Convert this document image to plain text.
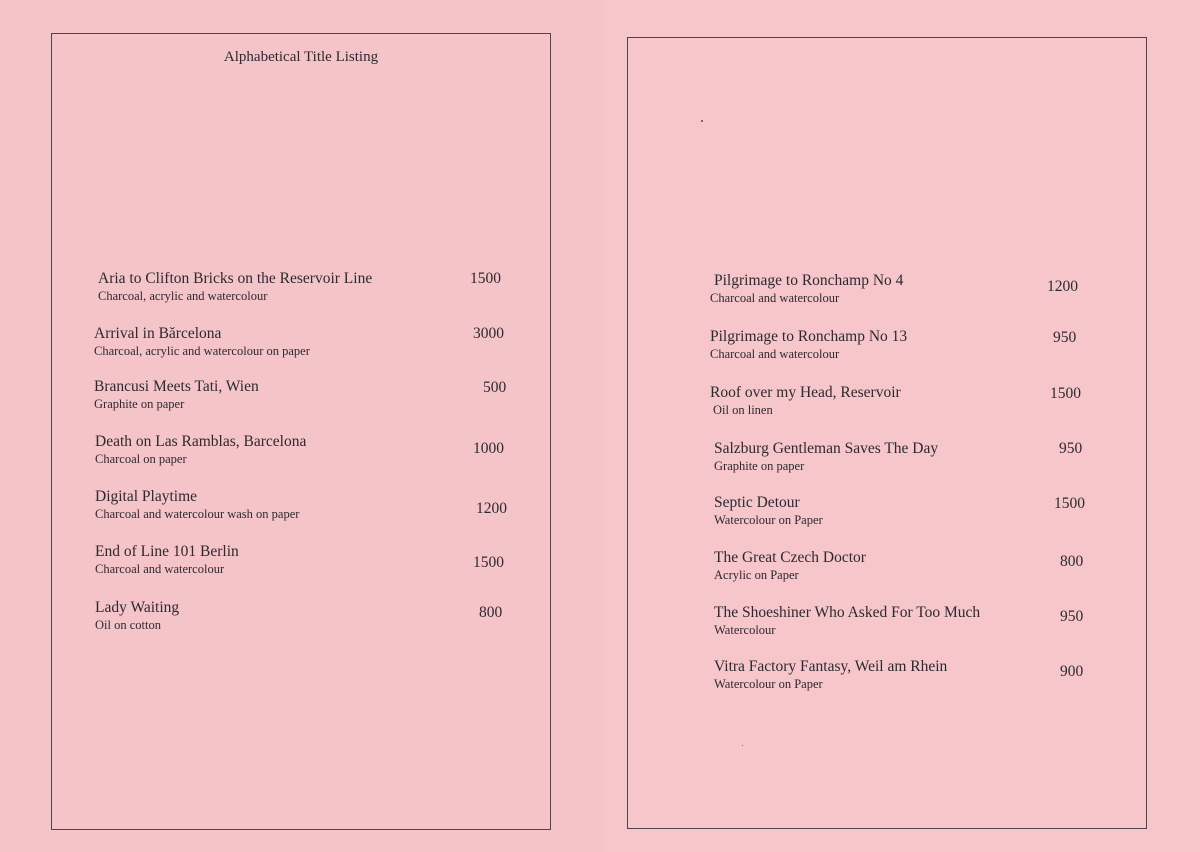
Alphabetical Title Listing
Aria to Clifton Bricks on the Reservoir Line
Charcoal, acrylic and watercolour
1500
Arrival in Bărcelona
Charcoal, acrylic and watercolour on paper
3000
Brancusi Meets Tati, Wien
Graphite on paper
500
Death on Las Ramblas, Barcelona
Charcoal on paper
1000
Digital Playtime
Charcoal and watercolour wash on paper	1200
End of Line 101 Berlin
Charcoal and watercolour	1500
Lady Waiting
Oil on cotton
800
Pilgrimage to Ronchamp No 4
Charcoal and watercolour
1200
Pilgrimage to Ronchamp No 13
Charcoal and watercolour
950
Roof over my Head, Reservoir
Oil on linen
1500
Salzburg Gentleman Saves The Day
Graphite on paper
950
Septic Detour
Watercolour on Paper
1500
The Great Czech Doctor
Acrylic on Paper
800
The Shoeshiner Who Asked For Too Much
Watercolour
950
Vitra Factory Fantasy, Weil am Rhein
Watercolour on Paper
900
